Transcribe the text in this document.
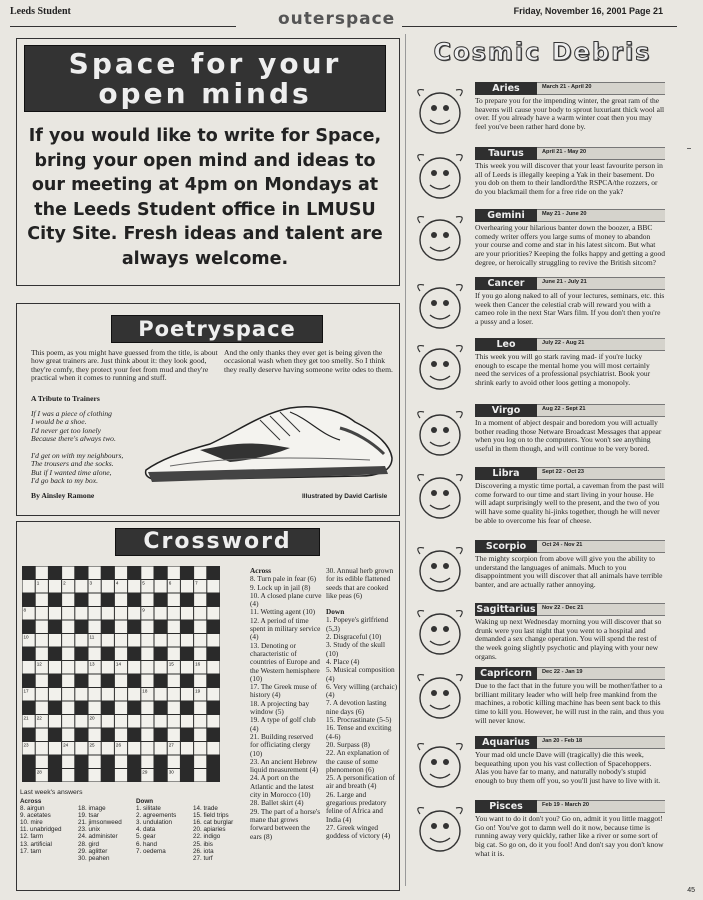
Leeds Student	outerspace	Friday, November 16, 2001 Page 21
Space for your
open minds
If you would like to write for Space, bring your open mind and ideas to our meeting at 4pm on Mondays at the Leeds Student office in LMUSU City Site. Fresh ideas and talent are always welcome.
Poetryspace
This poem, as you might have guessed from the title, is about how great trainers are. Just think about it: they look good, they're comfy, they protect your feet from mud and they're practical when it comes to running and stuff.
And the only thanks they ever get is being given the occasional wash when they get too smelly. So I think they really deserve having someone write odes to them.
A Tribute to Trainers
If I was a piece of clothing
I would be a shoe.
I'd never get too lonely
Because there's always two.

I'd get on with my neighbours,
The trousers and the socks.
But if I wanted time alone,
I'd go back to my box.
By Ainsley Ramone	Illustrated by David Carlisle
Crossword
1	2	3	4	5	6	7
8	9
10	11
12	13	14	15	16
17	18	19
20
21 22
23	24	25	26	27
28	29	30
Across
8. Turn pale in fear (6)
9. Lock up in jail (8)
10. A closed plane curve (4)
11. Wetting agent (10)
12. A period of time spent in military service (4)
13. Denoting or characteristic of countries of Europe and the Western hemisphere (10)
17. The Greek muse of history (4)
18. A projecting bay window (5)
19. A type of golf club (4)
21. Building reserved for officiating clergy (10)
23. An ancient Hebrew liquid measurement (4)
24. A port on the Atlantic and the latest city in Morocco (10)
28. Ballet skirt (4)
29. The part of a horse's mane that grows forward between the ears (8)
30. Annual herb grown for its edible flattened seeds that are cooked like peas (6)
Down
1. Popeye's girlfriend (5,3)
2. Disgraceful (10)
3. Study of the skull (10)
4. Place (4)
5. Musical composition (4)
6. Very willing (archaic) (4)
7. A devotion lasting nine days (6)
15. Procrastinate (5-5)
16. Tense and exciting (4-6)
20. Surpass (8)
22. An explanation of the cause of some phenomenon (6)
25. A personification of air and breath (4)
26. Large and gregarious predatory feline of Africa and India (4)
27. Greek winged goddess of victory (4)
Last week's answers
Across
8. airgun
9. acetates
10. mire
11. unabridged
12. farm
13. artificial
17. tarn
18. image
19. tsar
21. jimsonweed
23. unix
24. administer
28. gird
29. aglitter
30. peahen
Down
1. silitate
2. agreements
3. undulation
4. data
5. gear
6. hand
7. oedema
14. trade
15. field trips
16. cat burglar
20. apiaries
22. indigo
25. ibis
26. iota
27. turf
Cosmic Debris
Aries	March 21 - April 20
To prepare you for the impending winter, the great ram of the heavens will cause your body to sprout luxuriant thick wool all over. If you already have a warm winter coat then you may feel you've been rather hard done by.
Taurus	April 21 - May 20
This week you will discover that your least favourite person in all of Leeds is illegally keeping a Yak in their basement. Do you dob on them to their landlord/the RSPCA/the rozzers, or do you blackmail them for a free ride on the yak?
Gemini	May 21 - June 20
Overhearing your hilarious banter down the boozer, a BBC comedy writer offers you large sums of money to abandon your course and come and star in his latest sitcom. But what are your priorities? Keeping the folks happy and getting a good degree, or heroically struggling to revive the British sitcom?
Cancer	June 21 - July 21
If you go along naked to all of your lectures, seminars, etc. this week then Cancer the celestial crab will reward you with a cameo role in the next Star Wars film. If you don't then you're a pussy and a loser.
Leo	July 22 - Aug 21
This week you will go stark raving mad- if you're lucky enough to escape the mental home you will most certainly need the services of a professional psychiatrist. Book your shrink early to avoid other loos getting a monopoly.
Virgo	Aug 22 - Sept 21
In a moment of abject despair and boredom you will actually bother reading those Netware Broadcast Messages that appear when you log on to the computers. You won't see anything useful in them though, and will continue to be very bored.
Libra	Sept 22 - Oct 23
Discovering a mystic time portal, a caveman from the past will come forward to our time and start living in your house. He will adapt surprisingly well to the present, and the two of you will have some quality hi-jinks together, though he will never be able to overcome his fear of cheese.
Scorpio	Oct 24 - Nov 21
The mighty scorpion from above will give you the ability to understand the languages of animals. Much to you disappointment you will discover that all animals have terrible banter, and are actually rather annoying.
Sagittarius Nov 22 - Dec 21
Waking up next Wednesday morning you will discover that so drunk were you last night that you went to a hospital and demanded a sex change operation. You will spend the rest of the week going slightly psychotic and playing with your new organs.
Capricorn	Dec 22 - Jan 19
Due to the fact that in the future you will be mother/father to a brilliant military leader who will help free mankind from the machines, a robotic killing machine has been sent back to this time to kill you. However, he will rust in the rain, and thus you will never know.
Aquarius	Jan 20 - Feb 18
Your mad old uncle Dave will (tragically) die this week, bequeathing upon you his vast collection of Spacehoppers. Alas you have far to many, and naturally nobody's stupid enough to buy them off you, so you'll just have to live with it.
Pisces	Feb 19 - March 20
You want to do it don't you? Go on, admit it you little maggot! Go on! You've got to damn well do it now, because time is running away very quickly, rather like a river or some sort of big cat. So go on, do it you fool! And don't say you don't know what it is.
45
